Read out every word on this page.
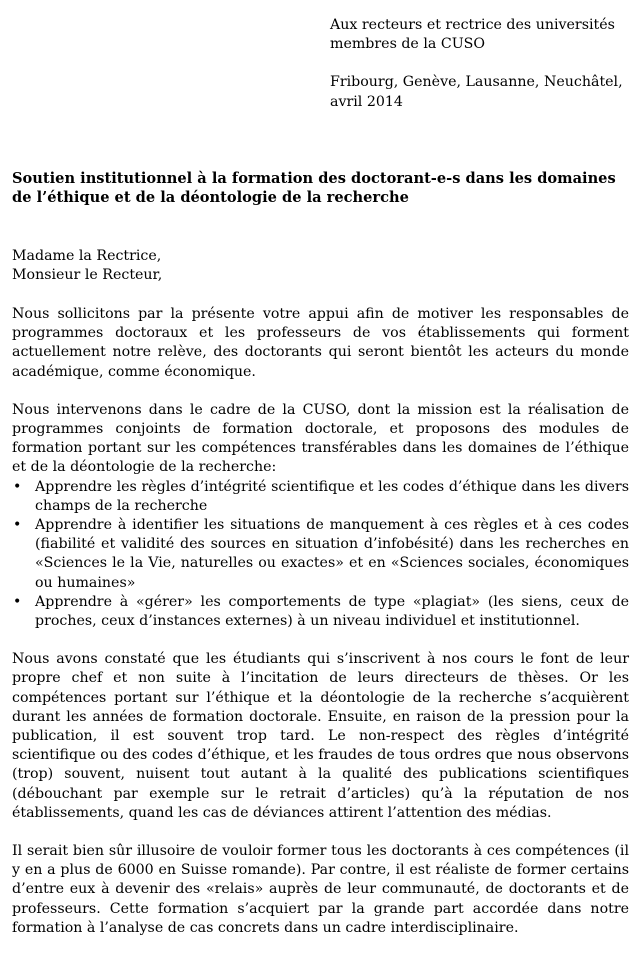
Aux recteurs et rectrice des universités

membres de la CUSO

Fribourg, Genève, Lausanne, Neuchâtel,

avril 2014

Soutien institutionnel à la formation des doctorant-e-s dans les domaines de l’éthique et de la déontologie de la recherche

Madame la Rectrice,

Monsieur le Recteur,

Nous sollicitons par la présente votre appui afin de motiver les responsables de programmes doctoraux et les professeurs de vos établissements qui forment actuellement notre relève, des doctorants qui seront bientôt les acteurs du monde académique, comme économique.

Nous intervenons dans le cadre de la CUSO, dont la mission est la réalisation de programmes conjoints de formation doctorale, et proposons des modules de formation portant sur les compétences transférables dans les domaines de l’éthique et de la déontologie de la recherche:

• Apprendre les règles d’intégrité scientifique et les codes d’éthique dans les divers champs de la recherche
• Apprendre à identifier les situations de manquement à ces règles et à ces codes (fiabilité et validité des sources en situation d’infobésité) dans les recherches en «Sciences le la Vie, naturelles ou exactes» et en «Sciences sociales, économiques ou humaines»
• Apprendre à «gérer» les comportements de type «plagiat» (les siens, ceux de proches, ceux d’instances externes) à un niveau individuel et institutionnel.

Nous avons constaté que les étudiants qui s’inscrivent à nos cours le font de leur propre chef et non suite à l’incitation de leurs directeurs de thèses. Or les compétences portant sur l’éthique et la déontologie de la recherche s’acquièrent durant les années de formation doctorale. Ensuite, en raison de la pression pour la publication, il est souvent trop tard. Le non-respect des règles d’intégrité scientifique ou des codes d’éthique, et les fraudes de tous ordres que nous observons (trop) souvent, nuisent tout autant à la qualité des publications scientifiques (débouchant par exemple sur le retrait d’articles) qu’à la réputation de nos établissements, quand les cas de déviances attirent l’attention des médias.

Il serait bien sûr illusoire de vouloir former tous les doctorants à ces compétences (il y en a plus de 6000 en Suisse romande). Par contre, il est réaliste de former certains d’entre eux à devenir des «relais» auprès de leur communauté, de doctorants et de professeurs. Cette formation s’acquiert par la grande part accordée dans notre formation à l’analyse de cas concrets dans un cadre interdisciplinaire.
